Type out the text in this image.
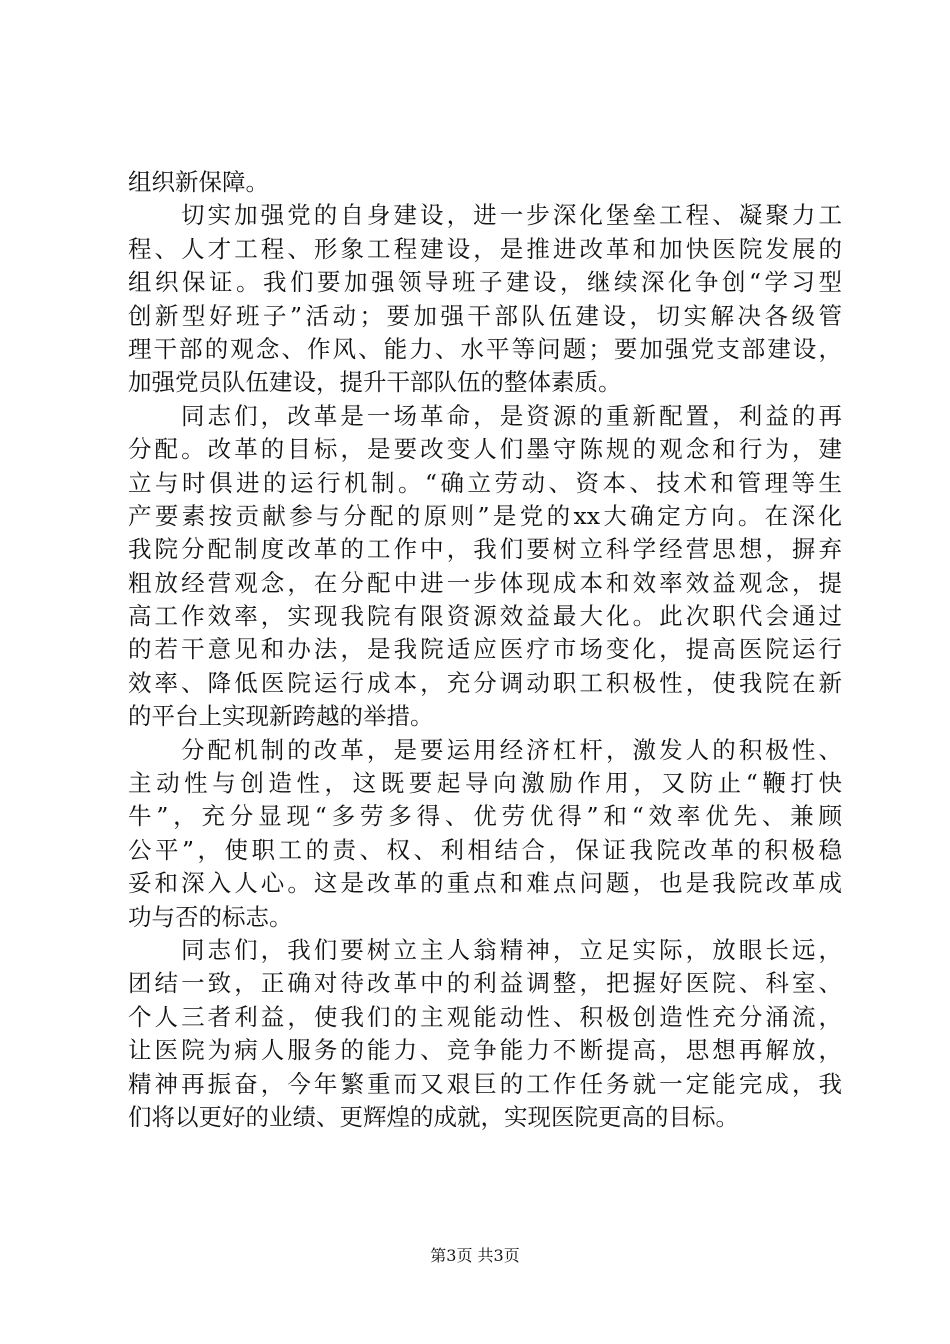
组织新保障。
切实加强党的自身建设，进一步深化堡垒工程、凝聚力工
程、人才工程、形象工程建设，是推进改革和加快医院发展的
组织保证。我们要加强领导班子建设，继续深化争创“学习型
创新型好班子”活动；要加强干部队伍建设，切实解决各级管
理干部的观念、作风、能力、水平等问题；要加强党支部建设，
加强党员队伍建设，提升干部队伍的整体素质。
同志们，改革是一场革命，是资源的重新配置，利益的再
分配。改革的目标，是要改变人们墨守陈规的观念和行为，建
立与时俱进的运行机制。“确立劳动、资本、技术和管理等生
产要素按贡献参与分配的原则”是党的xx大确定方向。在深化
我院分配制度改革的工作中，我们要树立科学经营思想，摒弃
粗放经营观念，在分配中进一步体现成本和效率效益观念，提
高工作效率，实现我院有限资源效益最大化。此次职代会通过
的若干意见和办法，是我院适应医疗市场变化，提高医院运行
效率、降低医院运行成本，充分调动职工积极性，使我院在新
的平台上实现新跨越的举措。
分配机制的改革，是要运用经济杠杆，激发人的积极性、
主动性与创造性，这既要起导向激励作用，又防止“鞭打快
牛”，充分显现“多劳多得、优劳优得”和“效率优先、兼顾
公平”，使职工的责、权、利相结合，保证我院改革的积极稳
妥和深入人心。这是改革的重点和难点问题，也是我院改革成
功与否的标志。
同志们，我们要树立主人翁精神，立足实际，放眼长远，
团结一致，正确对待改革中的利益调整，把握好医院、科室、
个人三者利益，使我们的主观能动性、积极创造性充分涌流，
让医院为病人服务的能力、竞争能力不断提高，思想再解放，
精神再振奋，今年繁重而又艰巨的工作任务就一定能完成，我
们将以更好的业绩、更辉煌的成就，实现医院更高的目标。
第3页 共3页
